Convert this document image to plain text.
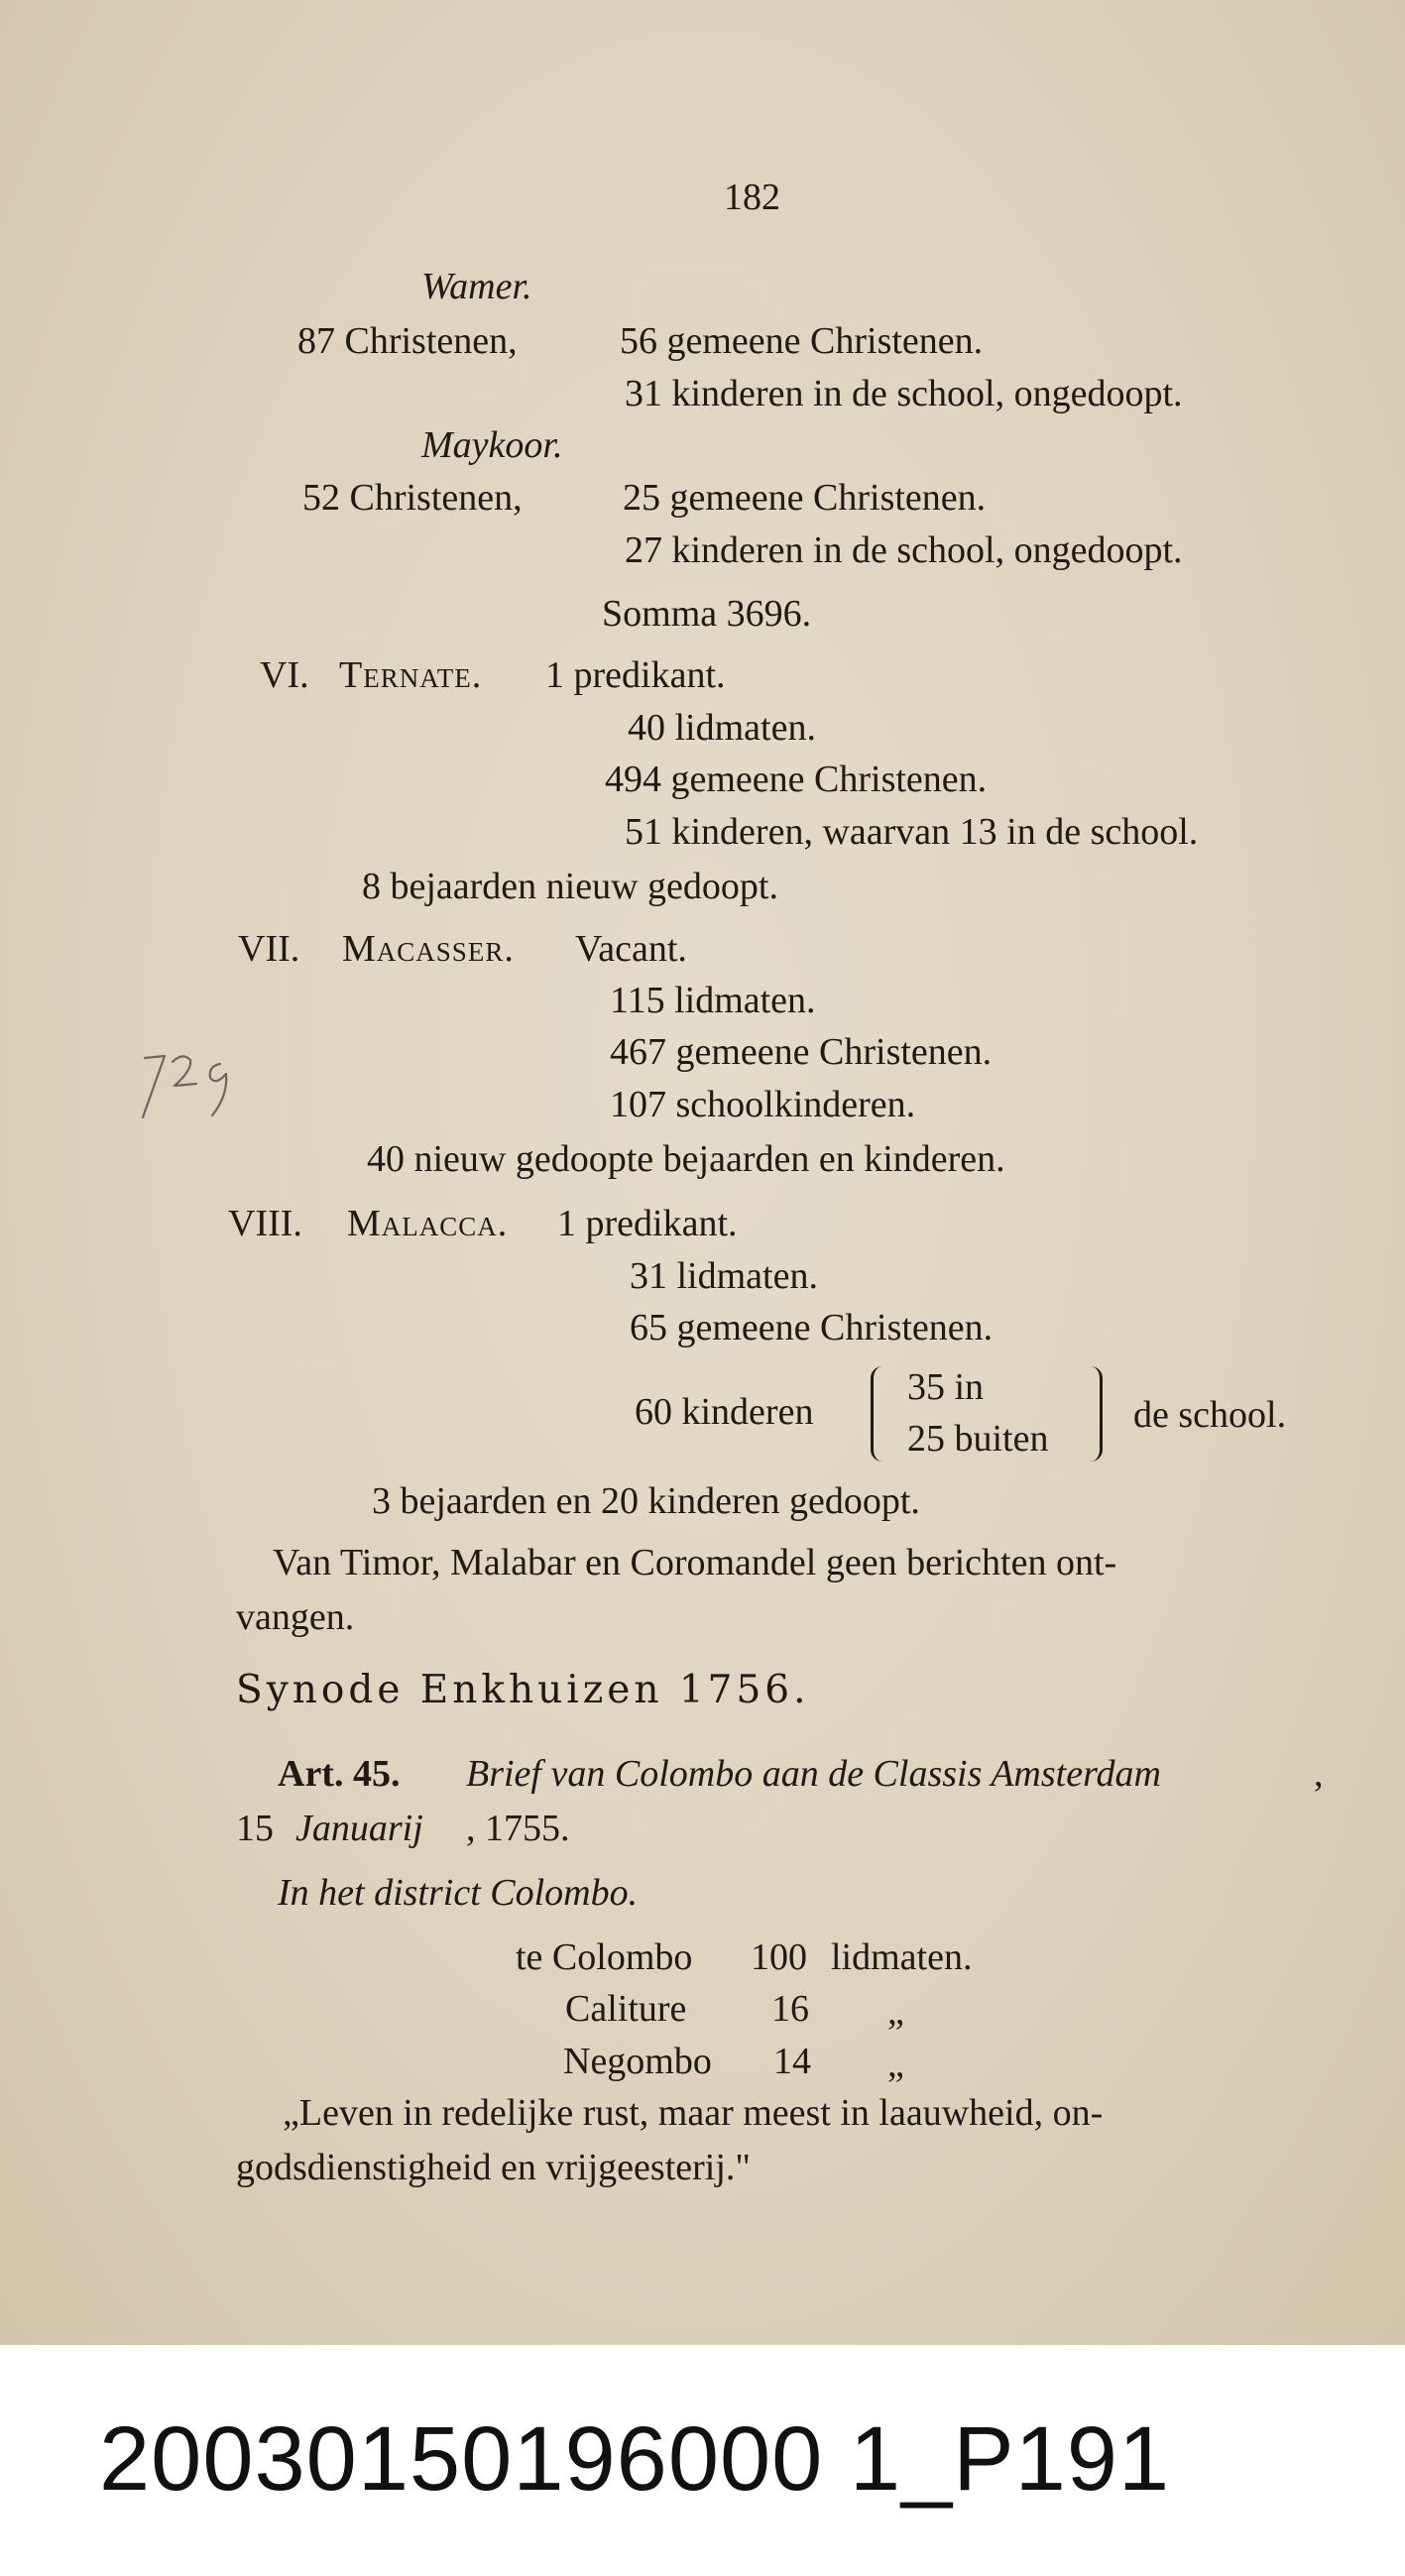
182
Wamer.
87 Christenen,	56 gemeene Christenen.
31 kinderen in de school, ongedoopt.
Maykoor.
52 Christenen,	25 gemeene Christenen.
27 kinderen in de school, ongedoopt.
Somma 3696.
VI. Ternate. 1 predikant.
40 lidmaten.
494 gemeene Christenen.
51 kinderen, waarvan 13 in de school.
8 bejaarden nieuw gedoopt.
VII. Macasser. Vacant.
115 lidmaten.
467 gemeene Christenen.
107 schoolkinderen.
40 nieuw gedoopte bejaarden en kinderen.
VIII. Malacca. 1 predikant.
31 lidmaten.
65 gemeene Christenen.
60 kinderen
35 in
25 buiten
de school.
3 bejaarden en 20 kinderen gedoopt.
Van Timor, Malabar en Coromandel geen berichten ont-
vangen.
Synode Enkhuizen 1756.
Art. 45. Brief van Colombo aan de Classis Amsterdam	,
15 Januarij , 1755.
In het district Colombo.
te Colombo 100 lidmaten.
Caliture 16 „
Negombo 14 „
„Leven in redelijke rust, maar meest in laauwheid, on-
godsdienstigheid en vrijgeesterij."
20030150196000 1_P191
